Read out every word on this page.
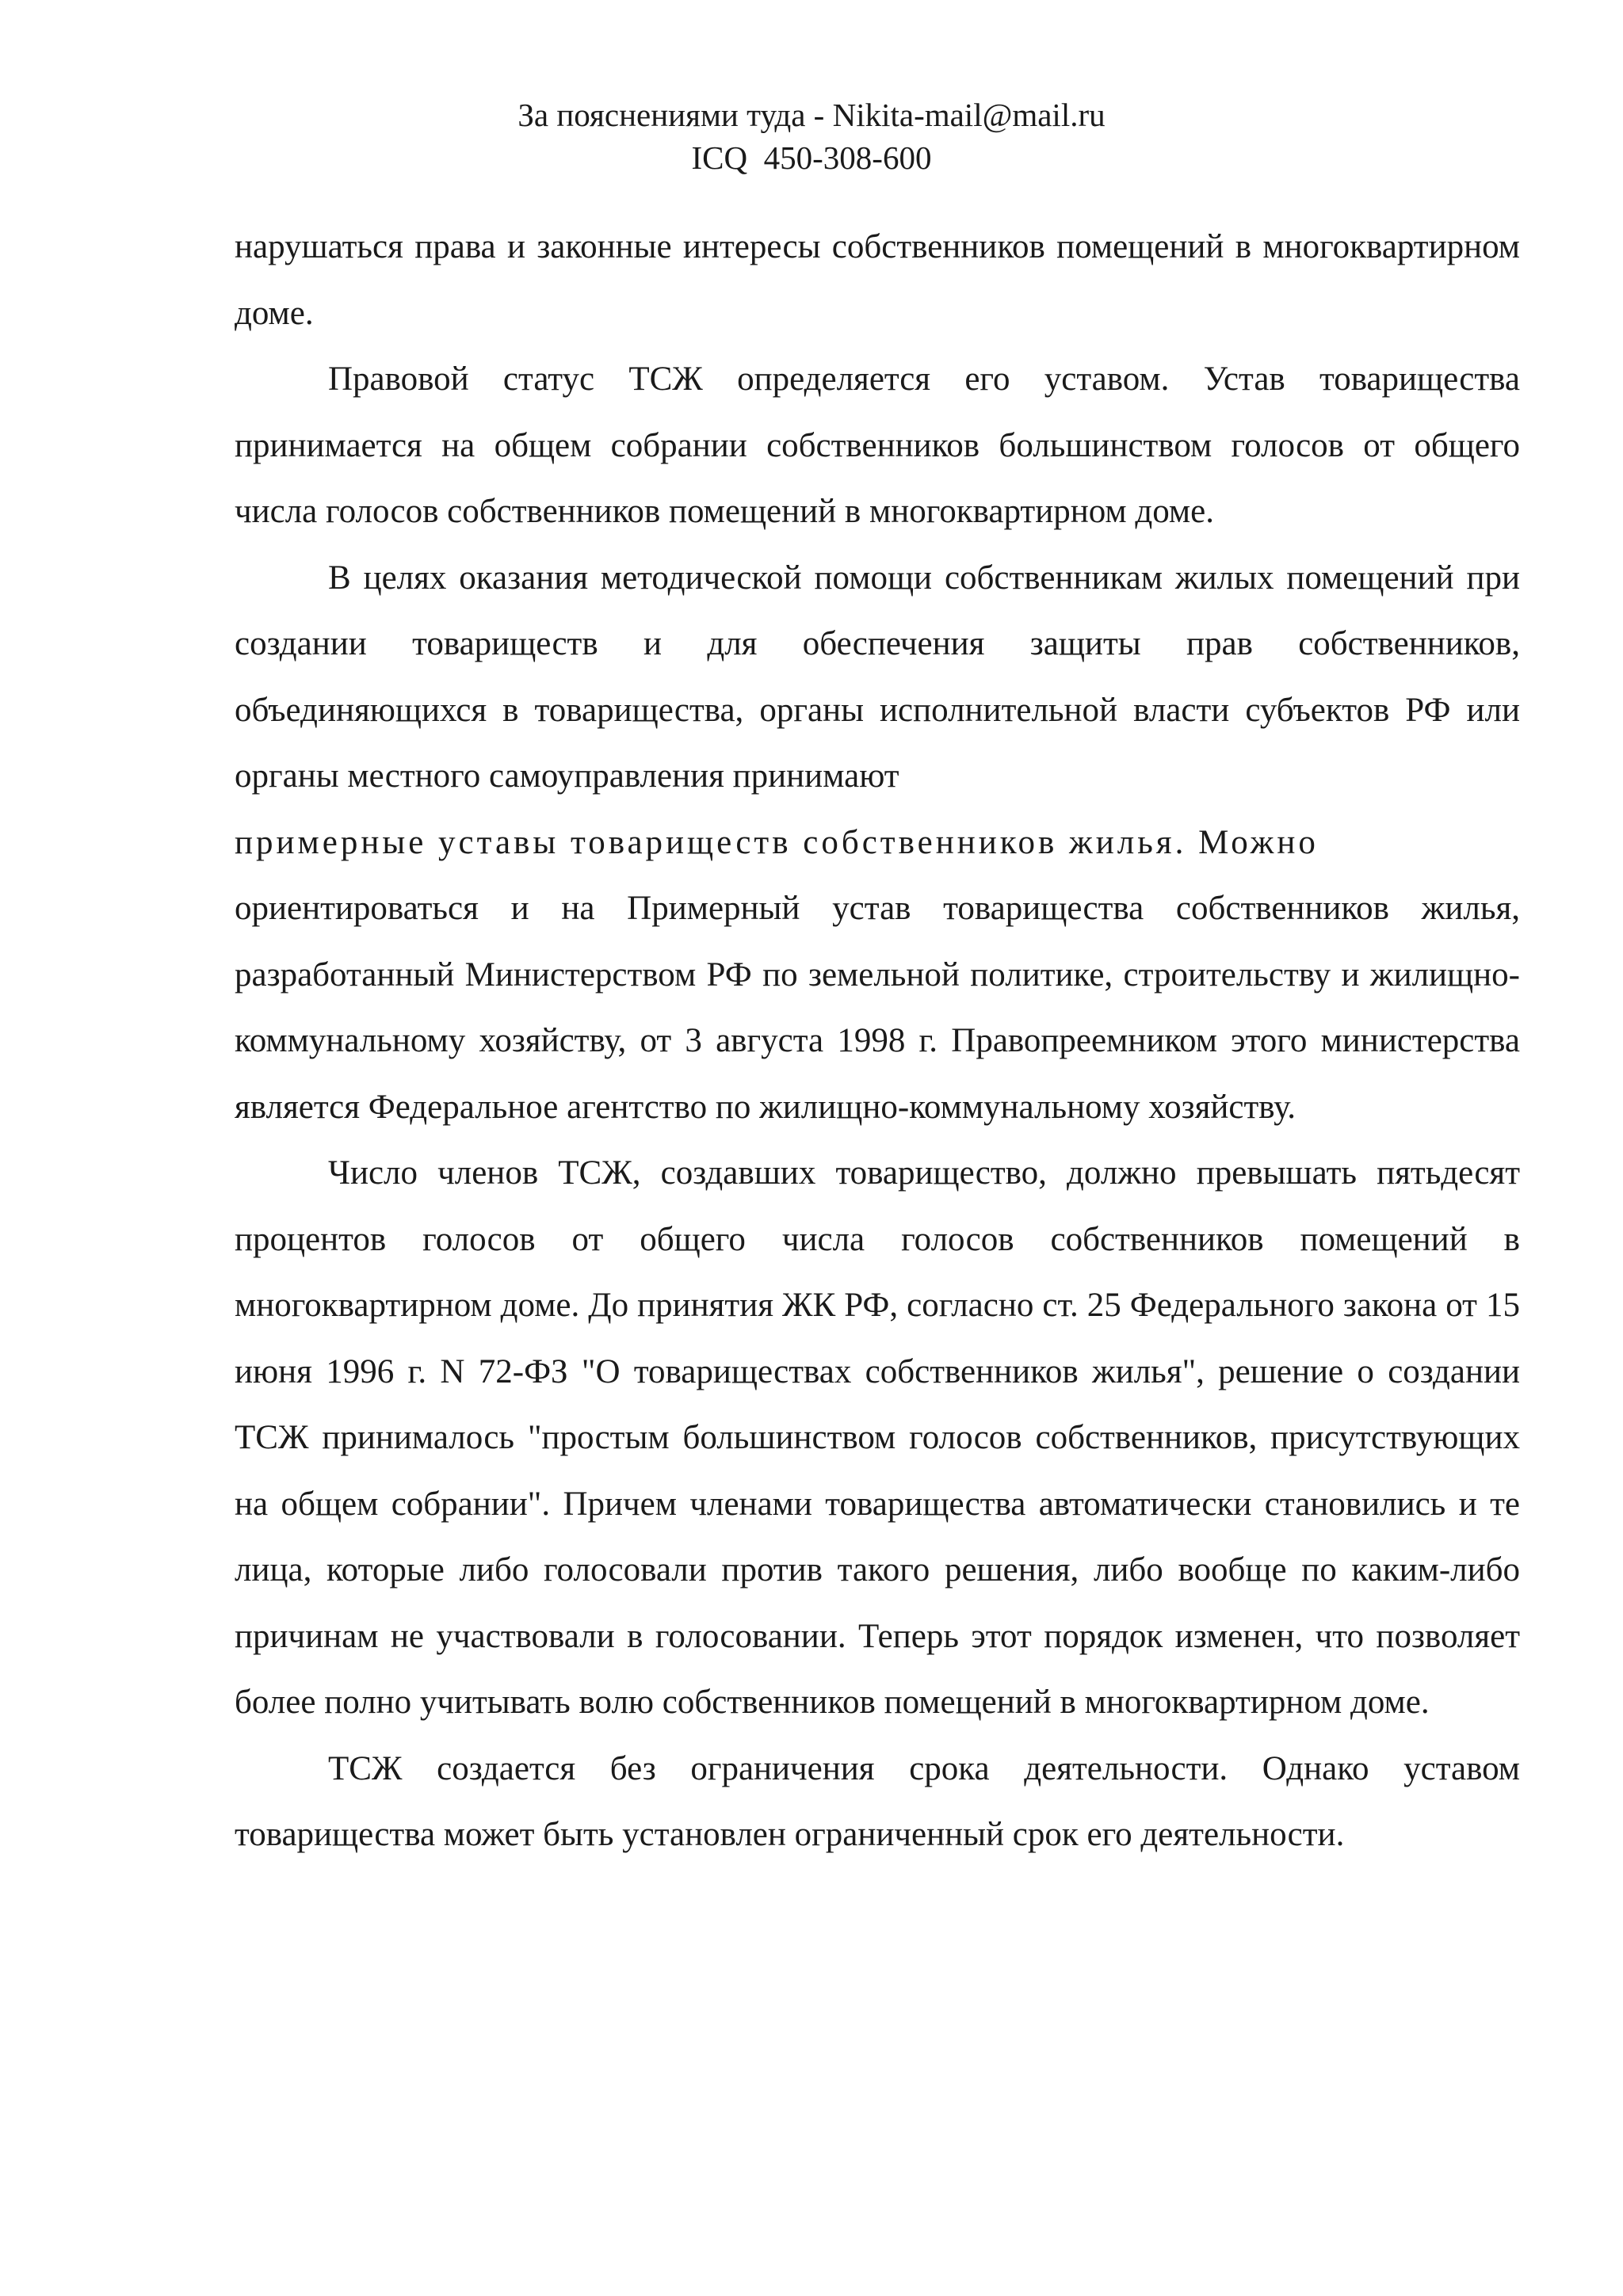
За пояснениями туда - Nikita-mail@mail.ru
ICQ  450-308-600

нарушаться права и законные интересы собственников помещений в многоквартирном доме.

Правовой статус ТСЖ определяется его уставом. Устав товарищества принимается на общем собрании собственников большинством голосов от общего числа голосов собственников помещений в многоквартирном доме.

В целях оказания методической помощи собственникам жилых помещений при создании товариществ и для обеспечения защиты прав собственников, объединяющихся в товарищества, органы исполнительной власти субъектов РФ или органы местного самоуправления принимают

примерные уставы товариществ собственников жилья. Можно

ориентироваться и на Примерный устав товарищества собственников жилья, разработанный Министерством РФ по земельной политике, строительству и жилищно-коммунальному хозяйству, от 3 августа 1998 г. Правопреемником этого министерства является Федеральное агентство по жилищно-коммунальному хозяйству.

Число членов ТСЖ, создавших товарищество, должно превышать пятьдесят процентов голосов от общего числа голосов собственников помещений в многоквартирном доме. До принятия ЖК РФ, согласно ст. 25 Федерального закона от 15 июня 1996 г. N 72-ФЗ "О товариществах собственников жилья", решение о создании ТСЖ принималось "простым большинством голосов собственников, присутствующих на общем собрании". Причем членами товарищества автоматически становились и те лица, которые либо голосовали против такого решения, либо вообще по каким-либо причинам не участвовали в голосовании. Теперь этот порядок изменен, что позволяет более полно учитывать волю собственников помещений в многоквартирном доме.

ТСЖ создается без ограничения срока деятельности. Однако уставом товарищества может быть установлен ограниченный срок его деятельности.
